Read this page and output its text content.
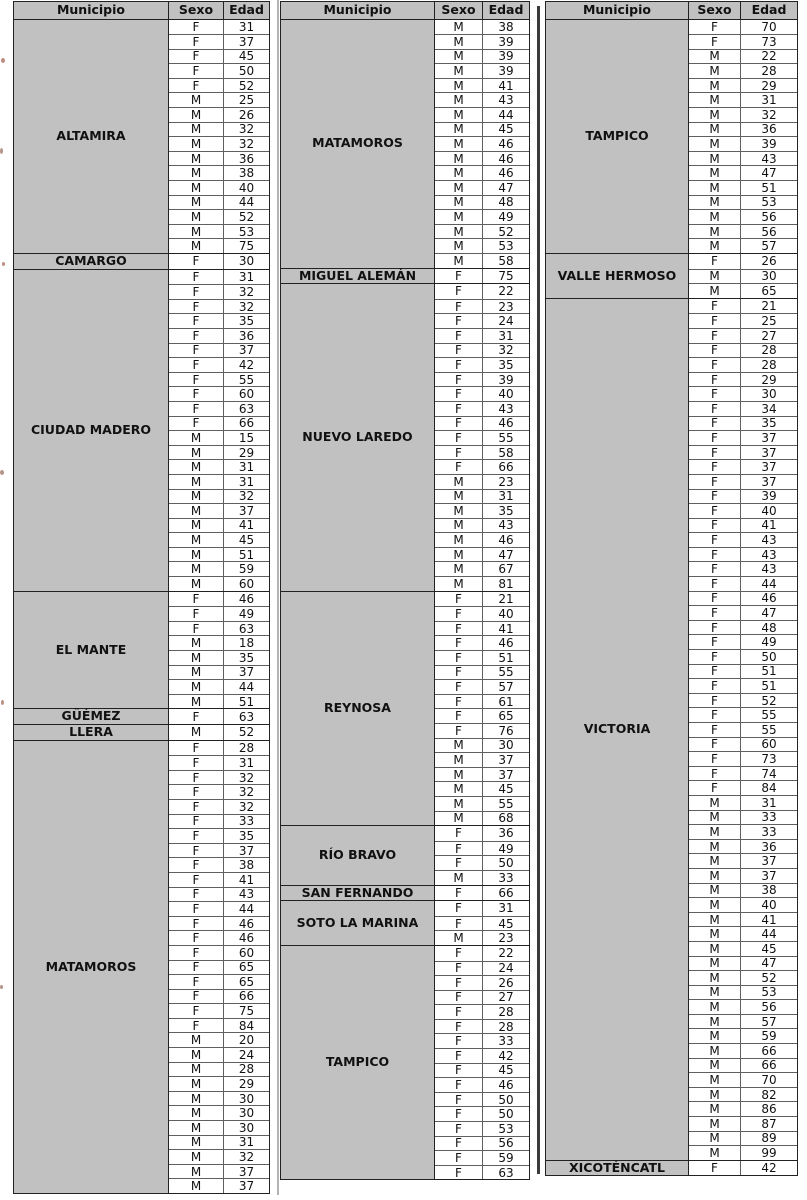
Municipio	Sexo	Edad
ALTAMIRA
F	31
F	37
F	45
F	50
F	52
M	25
M	26
M	32
M	32
M	36
M	38
M	40
M	44
M	52
M	53
M	75
CAMARGO	F	30
CIUDAD MADERO
F	31
F	32
F	32
F	35
F	36
F	37
F	42
F	55
F	60
F	63
F	66
M	15
M	29
M	31
M	31
M	32
M	37
M	41
M	45
M	51
M	59
M	60
EL MANTE
F	46
F	49
F	63
M	18
M	35
M	37
M	44
M	51
GÜÉMEZ	F	63
LLERA	M	52
MATAMOROS
F	28
F	31
F	32
F	32
F	32
F	33
F	35
F	37
F	38
F	41
F	43
F	44
F	46
F	46
F	60
F	65
F	65
F	66
F	75
F	84
M	20
M	24
M	28
M	29
M	30
M	30
M	30
M	31
M	32
M	37
M	37
Municipio	Sexo	Edad
MATAMOROS
M	38
M	39
M	39
M	39
M	41
M	43
M	44
M	45
M	46
M	46
M	46
M	47
M	48
M	49
M	52
M	53
M	58
MIGUEL ALEMÁN	F	75
NUEVO LAREDO
F	22
F	23
F	24
F	31
F	32
F	35
F	39
F	40
F	43
F	46
F	55
F	58
F	66
M	23
M	31
M	35
M	43
M	46
M	47
M	67
M	81
REYNOSA
F	21
F	40
F	41
F	46
F	51
F	55
F	57
F	61
F	65
F	76
M	30
M	37
M	37
M	45
M	55
M	68
RÍO BRAVO
F	36
F	49
F	50
M	33
SAN FERNANDO	F	66
SOTO LA MARINA
F	31
F	45
M	23
TAMPICO
F	22
F	24
F	26
F	27
F	28
F	28
F	33
F	42
F	45
F	46
F	50
F	50
F	53
F	56
F	59
F	63
Municipio	Sexo	Edad
TAMPICO
F	70
F	73
M	22
M	28
M	29
M	31
M	32
M	36
M	39
M	43
M	47
M	51
M	53
M	56
M	56
M	57
VALLE HERMOSO
F	26
M	30
M	65
VICTORIA
F	21
F	25
F	27
F	28
F	28
F	29
F	30
F	34
F	35
F	37
F	37
F	37
F	37
F	39
F	40
F	41
F	43
F	43
F	43
F	44
F	46
F	47
F	48
F	49
F	50
F	51
F	51
F	52
F	55
F	55
F	60
F	73
F	74
F	84
M	31
M	33
M	33
M	36
M	37
M	37
M	38
M	40
M	41
M	44
M	45
M	47
M	52
M	53
M	56
M	57
M	59
M	66
M	66
M	70
M	82
M	86
M	87
M	89
M	99
XICOTÉNCATL	F	42
